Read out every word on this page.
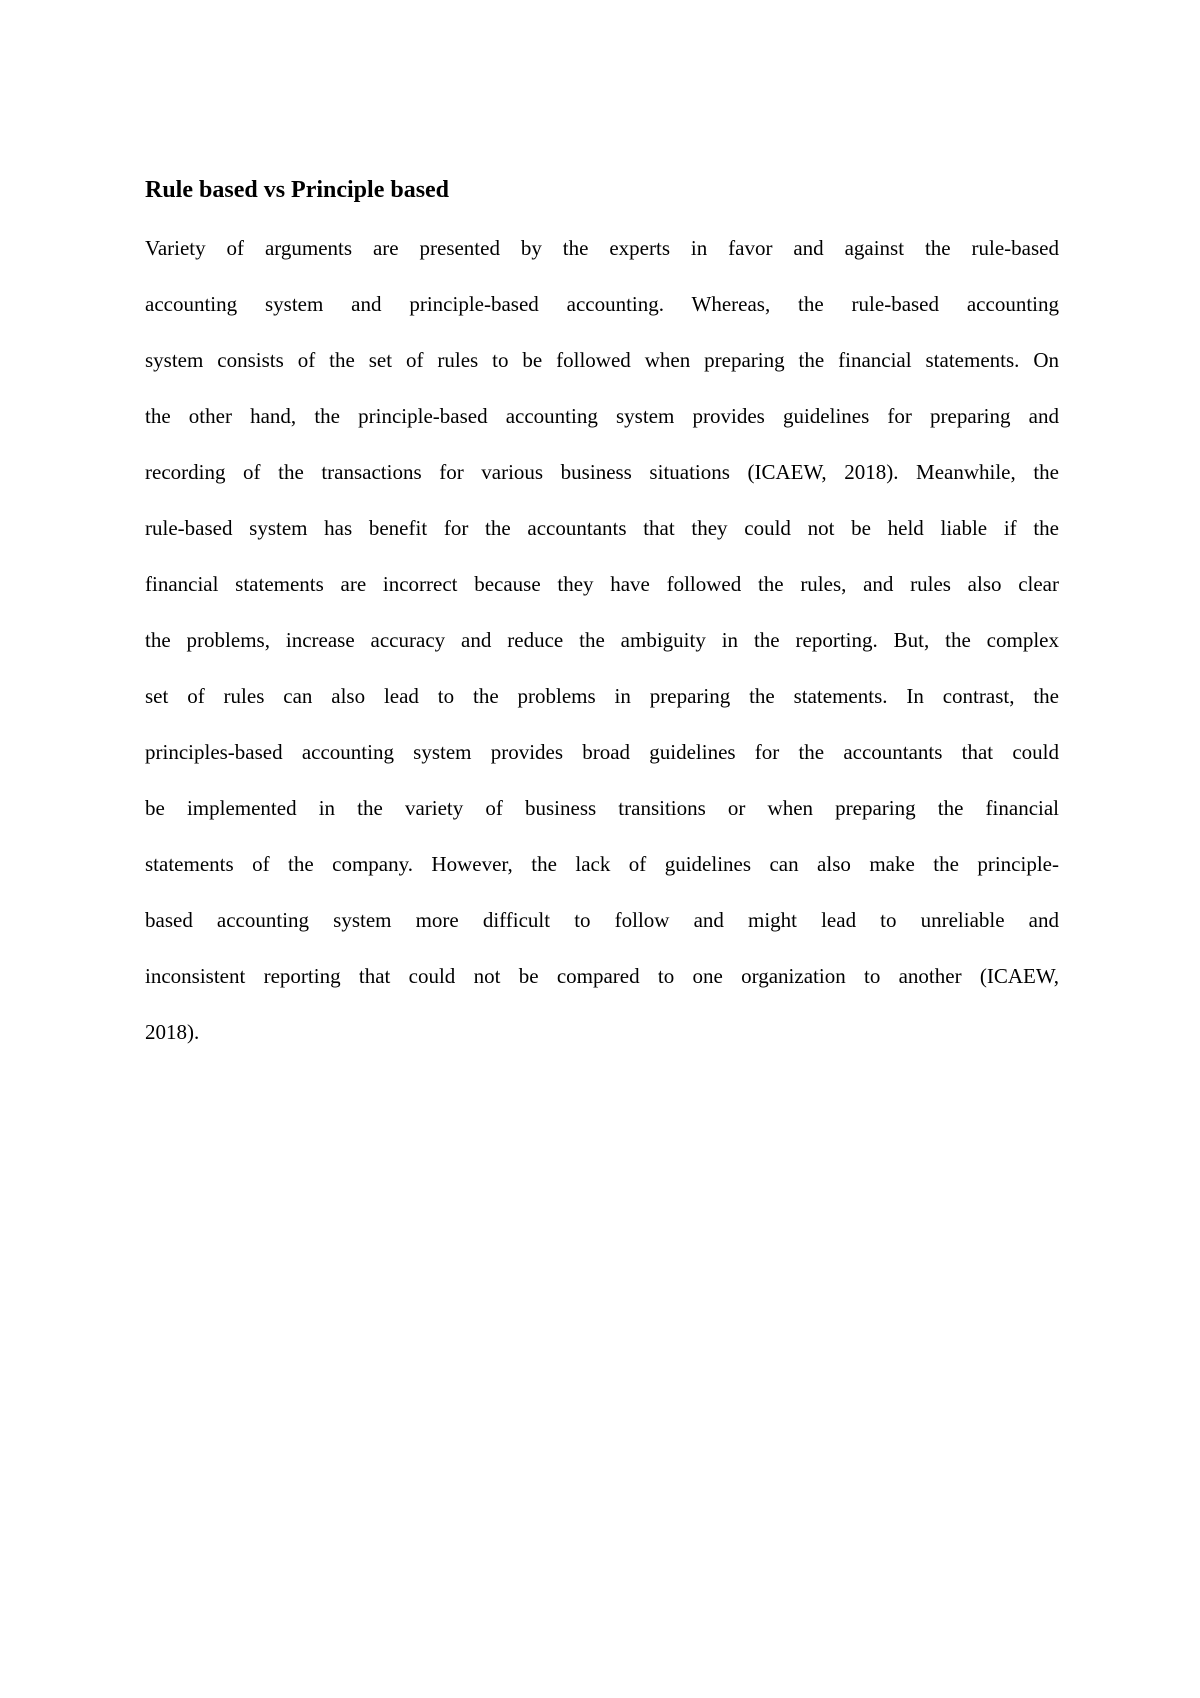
Rule based vs Principle based
Variety of arguments are presented by the experts in favor and against the rule-based
accounting system and principle-based accounting. Whereas, the rule-based accounting
system consists of the set of rules to be followed when preparing the financial statements. On
the other hand, the principle-based accounting system provides guidelines for preparing and
recording of the transactions for various business situations (ICAEW, 2018). Meanwhile, the
rule-based system has benefit for the accountants that they could not be held liable if the
financial statements are incorrect because they have followed the rules, and rules also clear
the problems, increase accuracy and reduce the ambiguity in the reporting. But, the complex
set of rules can also lead to the problems in preparing the statements. In contrast, the
principles-based accounting system provides broad guidelines for the accountants that could
be implemented in the variety of business transitions or when preparing the financial
statements of the company. However, the lack of guidelines can also make the principle-
based accounting system more difficult to follow and might lead to unreliable and
inconsistent reporting that could not be compared to one organization to another (ICAEW,
2018).
